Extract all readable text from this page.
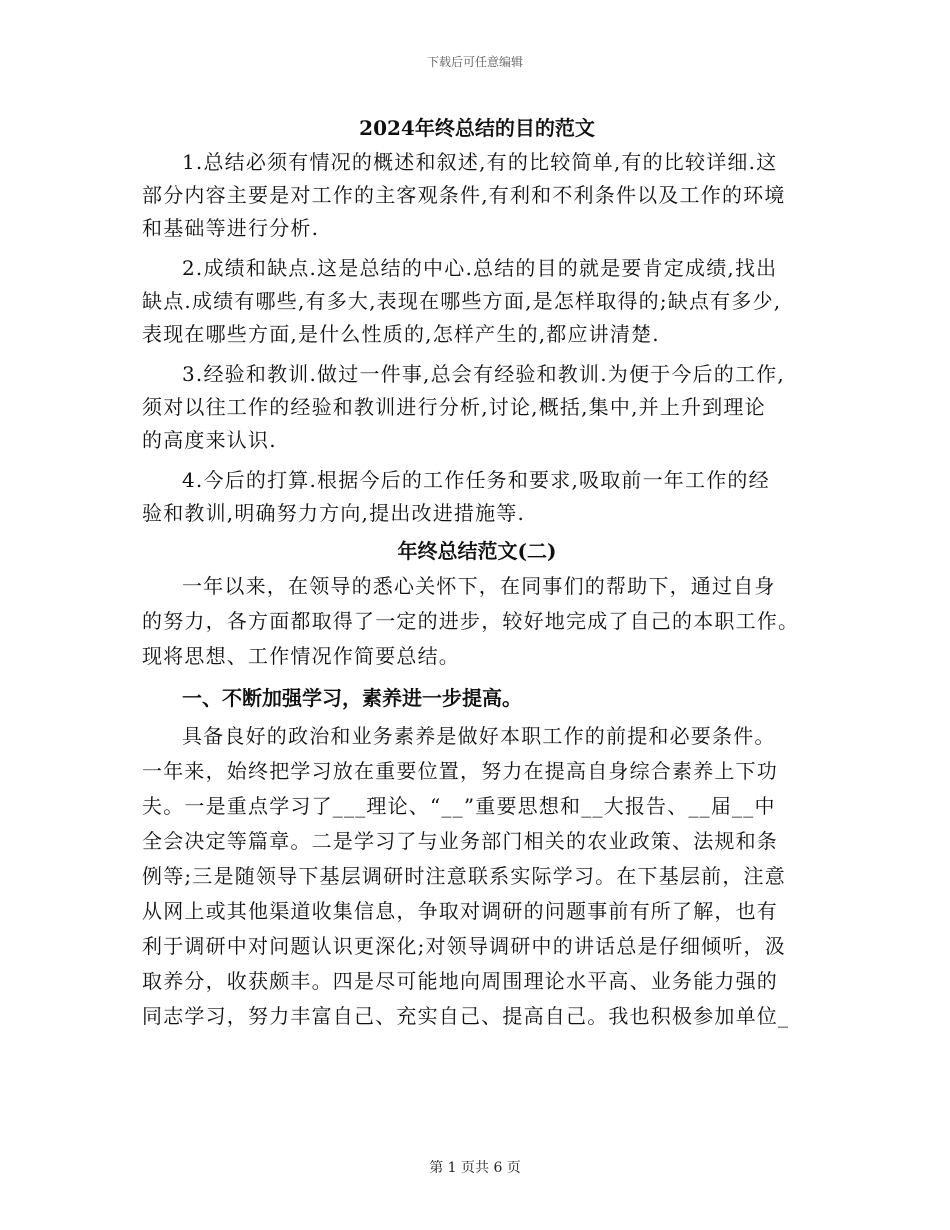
下载后可任意编辑
2024年终总结的目的范文

1.总结必须有情况的概述和叙述,有的比较简单,有的比较详细.这
部分内容主要是对工作的主客观条件,有利和不利条件以及工作的环境
和基础等进行分析.

2.成绩和缺点.这是总结的中心.总结的目的就是要肯定成绩,找出
缺点.成绩有哪些,有多大,表现在哪些方面,是怎样取得的;缺点有多少,
表现在哪些方面,是什么性质的,怎样产生的,都应讲清楚.

3.经验和教训.做过一件事,总会有经验和教训.为便于今后的工作,
须对以往工作的经验和教训进行分析,讨论,概括,集中,并上升到理论
的高度来认识.

4.今后的打算.根据今后的工作任务和要求,吸取前一年工作的经
验和教训,明确努力方向,提出改进措施等.

年终总结范文(二)

一年以来，在领导的悉心关怀下，在同事们的帮助下，通过自身
的努力，各方面都取得了一定的进步，较好地完成了自己的本职工作。
现将思想、工作情况作简要总结。

一、不断加强学习，素养进一步提高。

具备良好的政治和业务素养是做好本职工作的前提和必要条件。
一年来，始终把学习放在重要位置，努力在提高自身综合素养上下功
夫。一是重点学习了___理论、“__”重要思想和__大报告、__届__中
全会决定等篇章。二是学习了与业务部门相关的农业政策、法规和条
例等;三是随领导下基层调研时注意联系实际学习。在下基层前，注意
从网上或其他渠道收集信息，争取对调研的问题事前有所了解，也有
利于调研中对问题认识更深化;对领导调研中的讲话总是仔细倾听，汲
取养分，收获颇丰。四是尽可能地向周围理论水平高、业务能力强的
同志学习，努力丰富自己、充实自己、提高自己。我也积极参加单位_

第 1 页共 6 页
